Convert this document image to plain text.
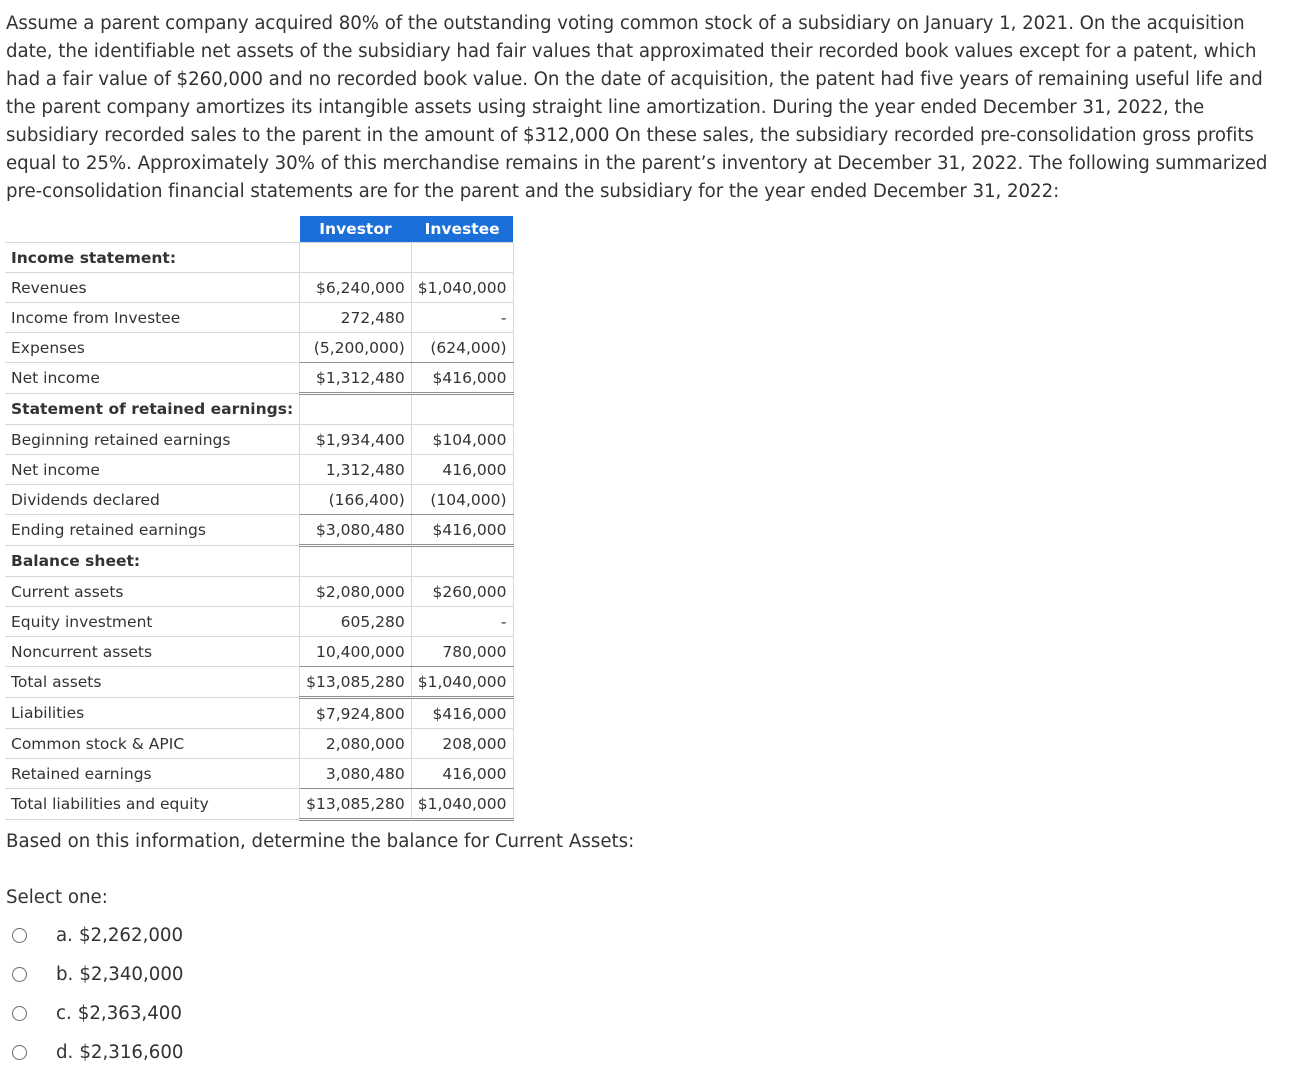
Assume a parent company acquired 80% of the outstanding voting common stock of a subsidiary on January 1, 2021. On the acquisition date, the identifiable net assets of the subsidiary had fair values that approximated their recorded book values except for a patent, which had a fair value of $260,000 and no recorded book value. On the date of acquisition, the patent had five years of remaining useful life and the parent company amortizes its intangible assets using straight line amortization. During the year ended December 31, 2022, the subsidiary recorded sales to the parent in the amount of $312,000 On these sales, the subsidiary recorded pre-consolidation gross profits equal to 25%. Approximately 30% of this merchandise remains in the parent’s inventory at December 31, 2022. The following summarized pre-consolidation financial statements are for the parent and the subsidiary for the year ended December 31, 2022:
	Investor	Investee
Income statement:		
Revenues	$6,240,000	$1,040,000
Income from Investee	272,480	-
Expenses	(5,200,000)	(624,000)
Net income	$1,312,480	$416,000
Statement of retained earnings:		
Beginning retained earnings	$1,934,400	$104,000
Net income	1,312,480	416,000
Dividends declared	(166,400)	(104,000)
Ending retained earnings	$3,080,480	$416,000
Balance sheet:		
Current assets	$2,080,000	$260,000
Equity investment	605,280	-
Noncurrent assets	10,400,000	780,000
Total assets	$13,085,280	$1,040,000
Liabilities	$7,924,800	$416,000
Common stock & APIC	2,080,000	208,000
Retained earnings	3,080,480	416,000
Total liabilities and equity	$13,085,280	$1,040,000
Based on this information, determine the balance for Current Assets:
Select one:
a. $2,262,000
b. $2,340,000
c. $2,363,400
d. $2,316,600
